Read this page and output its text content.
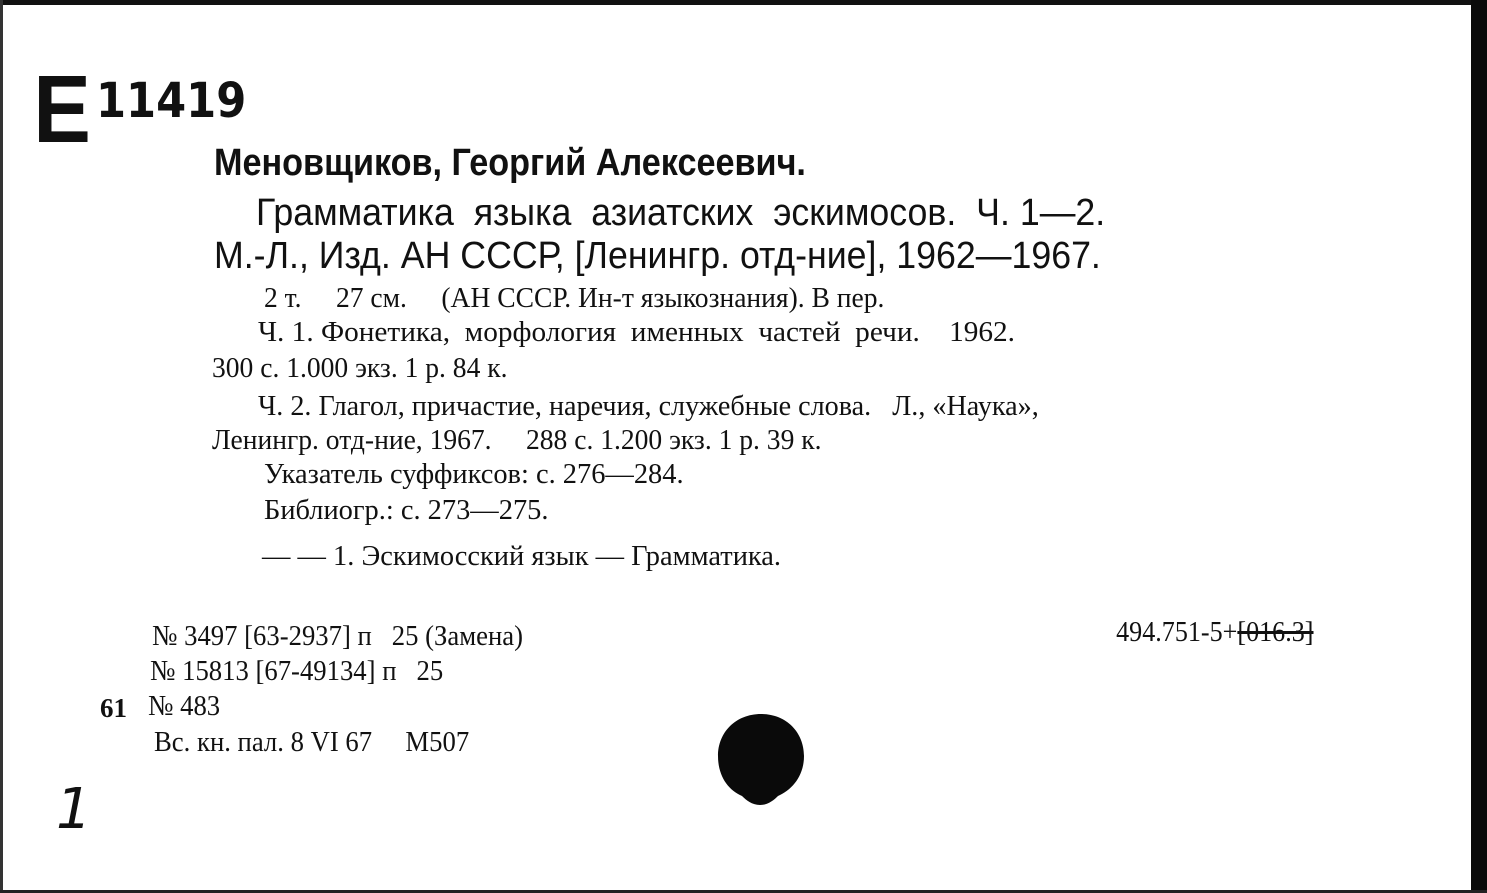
E 11419
Меновщиков, Георгий Алексеевич.
Грамматика  языка  азиатских  эскимосов.  Ч. 1—2.
М.-Л., Изд. АН СССР, [Ленингр. отд-ние], 1962—1967.
2 т.     27 см.     (АН СССР. Ин-т языкознания). В пер.
Ч. 1. Фонетика,  морфология  именных  частей  речи.    1962.
300 с. 1.000 экз. 1 р. 84 к.
Ч. 2. Глагол, причастие, наречия, служебные слова.   Л., «Наука»,
Ленингр. отд-ние, 1967.     288 с. 1.200 экз. 1 р. 39 к.
Указатель суффиксов: с. 276—284.
Библиогр.: с. 273—275.
— — 1. Эскимосский язык — Грамматика.

494.751-5+[016.3]

№ 3497 [63-2937] п   25 (Замена)
№ 15813 [67-49134] п   25
61 № 483
Вс. кн. пал. 8 VI 67     М507
1
